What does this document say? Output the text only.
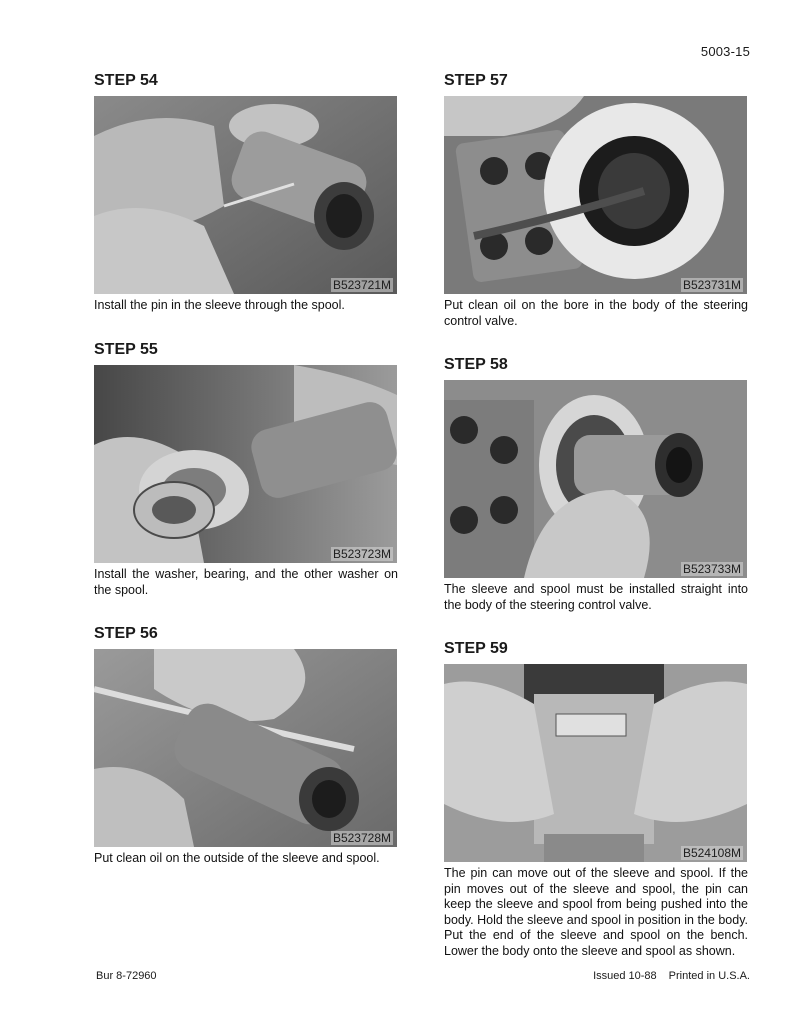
5003-15
STEP 54
B523721M

Install the pin in the sleeve through the spool.

STEP 55
B523723M

Install the washer, bearing, and the other washer on the spool.

STEP 56
B523728M

Put clean oil on the outside of the sleeve and spool.

STEP 57
B523731M

Put clean oil on the bore in the body of the steering control valve.

STEP 58
B523733M

The sleeve and spool must be installed straight into the body of the steering control valve.

STEP 59
B524108M

The pin can move out of the sleeve and spool. If the pin moves out of the sleeve and spool, the pin can keep the sleeve and spool from being pushed into the body. Hold the sleeve and spool in position in the body. Put the end of the sleeve and spool on the bench. Lower the body onto the sleeve and spool as shown.

Bur 8-72960	Issued 10-88 Printed in U.S.A.
